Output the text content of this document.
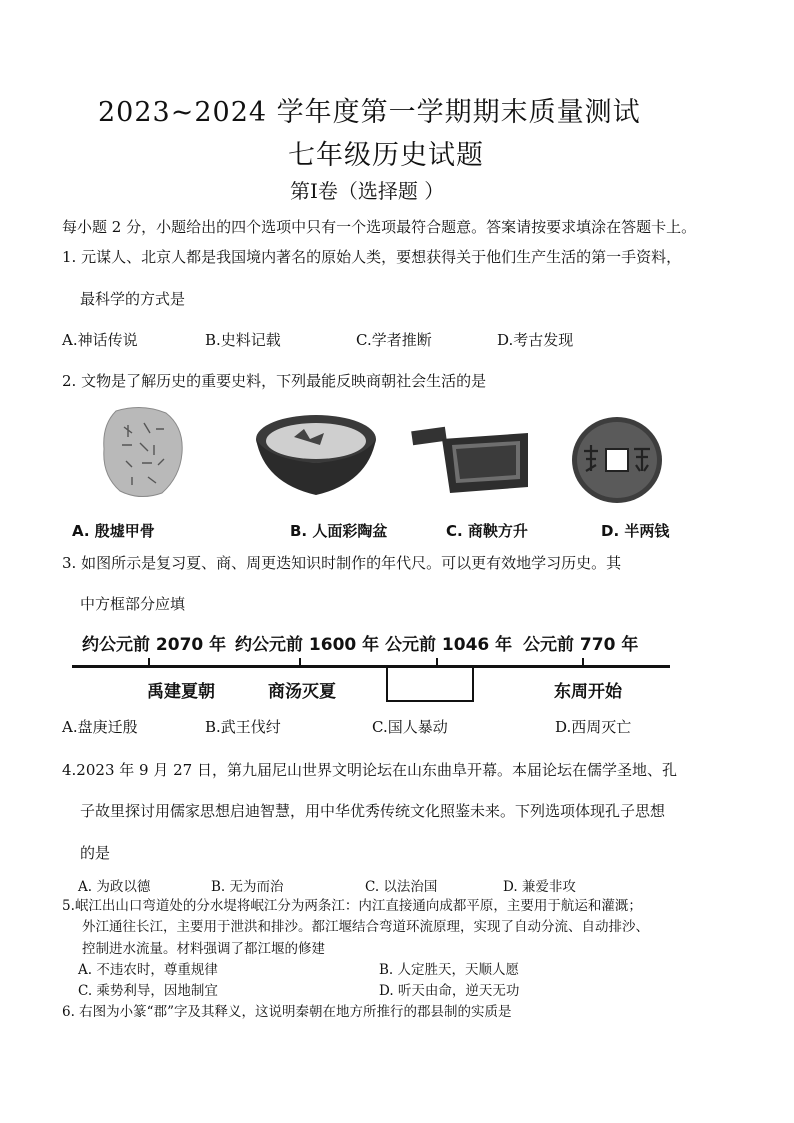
2023~2024 学年度第一学期期末质量测试
七年级历史试题
第Ⅰ卷（选择题 ）
每小题 2 分，小题给出的四个选项中只有一个选项最符合题意。答案请按要求填涂在答题卡上。
1. 元谋人、北京人都是我国境内著名的原始人类，要想获得关于他们生产生活的第一手资料，
最科学的方式是
A.神话传说	B.史料记载	C.学者推断	D.考古发现
2. 文物是了解历史的重要史料，下列最能反映商朝社会生活的是
A. 殷墟甲骨	B. 人面彩陶盆	C. 商鞅方升	D. 半两钱
3. 如图所示是复习夏、商、周更迭知识时制作的年代尺。可以更有效地学习历史。其
中方框部分应填
约公元前 2070 年 约公元前 1600 年 公元前 1046 年 公元前 770 年
禹建夏朝	商汤灭夏	东周开始
A.盘庚迁殷	B.武王伐纣	C.国人暴动	D.西周灭亡
4.2023 年 9 月 27 日，第九届尼山世界文明论坛在山东曲阜开幕。本届论坛在儒学圣地、孔
子故里探讨用儒家思想启迪智慧，用中华优秀传统文化照鉴未来。下列选项体现孔子思想
的是
A. 为政以德	B. 无为而治	C. 以法治国	D. 兼爱非攻
5.岷江出山口弯道处的分水堤将岷江分为两条江：内江直接通向成都平原，主要用于航运和灌溉；
外江通往长江，主要用于泄洪和排沙。都江堰结合弯道环流原理，实现了自动分流、自动排沙、
控制进水流量。材料强调了都江堰的修建
A. 不违农时，尊重规律	B. 人定胜天，天顺人愿
C. 乘势利导，因地制宜	D. 听天由命，逆天无功
6. 右图为小篆“郡”字及其释义，这说明秦朝在地方所推行的郡县制的实质是
